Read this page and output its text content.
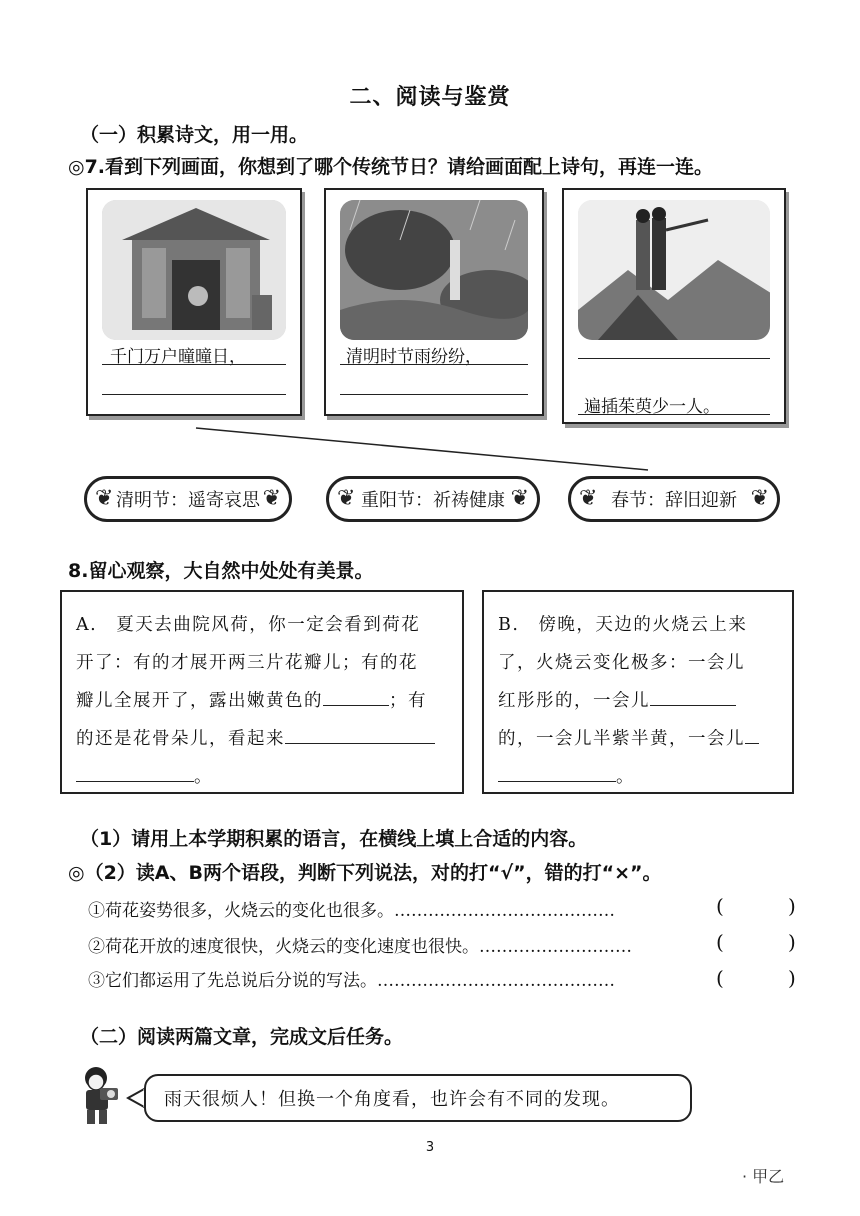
二、阅读与鉴赏
（一）积累诗文，用一用。
◎7.看到下列画面，你想到了哪个传统节日？请给画面配上诗句，再连一连。
千门万户曈曈日，	清明时节雨纷纷，
遍插茱萸少一人。
❦ 清明节：遥寄哀思 ❦	❦ 重阳节：祈祷健康 ❦ ❦ 春节：辞旧迎新 ❦
8.留心观察，大自然中处处有美景。
A.　夏天去曲院风荷，你一定会看到荷花
开了：有的才展开两三片花瓣儿；有的花
瓣儿全展开了，露出嫩黄色的	；有
的还是花骨朵儿，看起来
。
B.　傍晚，天边的火烧云上来
了，火烧云变化极多：一会儿
红彤彤的，一会儿
的，一会儿半紫半黄，一会儿
。
（1）请用上本学期积累的语言，在横线上填上合适的内容。
◎（2）读A、B两个语段，判断下列说法，对的打“√”，错的打“×”。
①荷花姿势很多，火烧云的变化也很多。…………………………………	(	)
②荷花开放的速度很快，火烧云的变化速度也很快。………………………	(	)
③它们都运用了先总说后分说的写法。……………………………………	(	)
（二）阅读两篇文章，完成文后任务。
雨天很烦人！但换一个角度看，也许会有不同的发现。
3
· 甲乙
